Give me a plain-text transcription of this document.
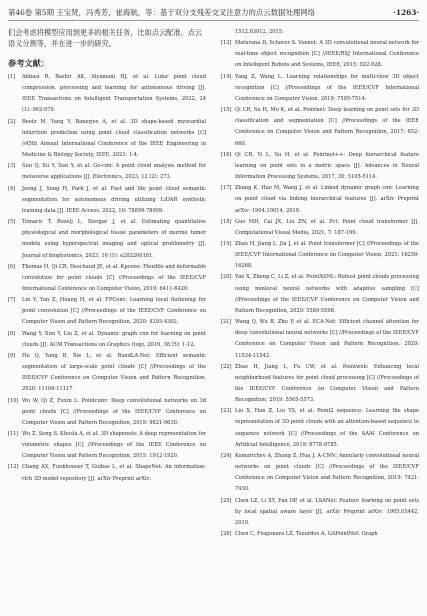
第46卷 第5期 王宝贤，冯秀芳，崔海航，等：基于双分支残差交叉注意力的点云数据处理网络	·1263·

们会考虑将模型应用到更多的相关任务，比如点云配准、点云语义分割等，并在进一步的研究。

参考文献：
[1]	Abbasi R, Bashir AK, Alyamani HJ, et al. Lidar point cloud compression, processing and learning for autonomous driving [J]. IEEE Transactions on Intelligent Transportation Systems, 2022, 24 (1): 962-979.
[2]	Beetz M, Yang Y, Banerjee A, et al. 3D shape-based myocardial infarction prediction using point cloud classification networks [C] //45th Annual International Conference of the IEEE Engineering in Medicine & Biology Society, IEEE, 2023: 1-4.
[3]	Sun Q, Xu Y, Sun Y, et al. Go-cnn: A point cloud analysis method for metaverse applications [J]. Electronics, 2023, 12 (2): 273.
[4]	Jeong J, Song H, Park J, et al. Fast and lite point cloud semantic segmentation for autonomous driving utilizing LiDAR synthetic training data [J]. IEEE Access, 2022, 10: 78899-78909.
[5]	Tomaric T, Rozelj L, Stergar J, et al. Estimating quantitative physiological and morphological tissue parameters of murine tumor models using hyperspectral imaging and optical profilometry [J]. Journal of biophotonics, 2023, 16 (1): e202200181.
[6]	Thomas H, Qi CR, Deschaud JE, et al. Kpconv: Flexible and deformable convolution for point clouds [C] //Proceedings of the IEEE/CVF International Conference on Computer Vision, 2019: 6411-6420.
[7]	Lin Y, Yan Z, Huang H, et al. FPConv: Learning local flattening for point convolution [C] //Proceedings of the IEEE/CVF Conference on Computer Vision and Pattern Recognition, 2020: 4293-4302.
[8]	Wang Y, Sun Y, Liu Z, et al. Dynamic graph cnn for learning on point clouds [J]. ACM Transactions on Graphics (tog), 2019, 38 (5): 1-12.
[9]	Hu Q, Yang B, Xie L, et al. RandLA-Net: Efficient semantic segmentation of large-scale point clouds [C] //Proceedings of the IEEE/CVF Conference on Computer Vision and Pattern Recognition, 2020: 11108-11117.
[10] Wu W, Qi Z, Fuxin L. Pointconv: Deep convolutional networks on 3d point clouds [C] //Proceedings of the IEEE/CVF Conference on Computer Vision and Pattern Recognition, 2019: 9621-9630.
[11] Wu Z, Song S, Khosla A, et al. 3D shapenets: A deep representation for volumetric shapes [C] //Proceedings of the IEEE Conference on Computer Vision and Pattern Recognition, 2015: 1912-1920.
[12] Chang AX, Funkhouser T, Guibas L, et al. ShapeNet: An information-rich 3D model repository [J]. arXiv Preprint arXiv:
1512.03012, 2015.
[13] Maturana D, Scherer S. Voxnet: A 3D convolutional neural network for real-time object recognition [C] //IEEE/RSJ International Conference on Intelligent Robots and Systems, IEEE, 2015: 922-928.
[14] Yang Z, Wang L. Learning relationships for multi-view 3D object recognition [C] //Proceedings of the IEEE/CVF International Conference on Computer Vision, 2019: 7505-7514.
[15] Qi CR, Su H, Mo K, et al. Pointnet: Deep learning on point sets for 3D classification and segmentation [C] //Proceedings of the IEEE Conference on Computer Vision and Pattern Recognition, 2017: 652-660.
[16] Qi CR, Yi L, Su H, et al. Pointnet++: Deep hierarchical feature learning on point sets in a metric space [J]. Advances in Neural Information Processing Systems, 2017, 30: 5105-5114.
[17] Zhang K, Hao M, Wang J, et al. Linked dynamic graph cnn: Learning on point cloud via linking hierarchical features [J]. arXiv Preprint arXiv: 1904.10014, 2019.
[18] Guo MH, Cai JX, Liu ZN, et al. Pct: Point cloud transformer [J]. Computational Visual Media, 2021, 7: 187-199.
[19] Zhao H, Jiang L, Jia J, et al. Point transformer [C] //Proceedings of the IEEE/CVF International Conference on Computer Vision, 2021: 16259-16268.
[20] Yan X, Zheng C, Li Z, et al. PointASNL: Robust point clouds processing using nonlocal neural networks with adaptive sampling [C] //Proceedings of the IEEE/CVF Conference on Computer Vision and Pattern Recognition, 2020: 5589-5598.
[21] Wang Q, Wu B, Zhu P, et al. ECA-Net: Efficient channel attention for deep convolutional neural networks [C] //Proceedings of the IEEE/CVF Conference on Computer Vision and Pattern Recognition, 2020: 11534-11542.
[22] Zhao H, Jiang L, Fu CW, et al. Pointweb: Enhancing local neighborhood features for point cloud processing [C] //Proceedings of the IEEE/CVF Conference on Computer Vision and Pattern Recognition, 2019: 5565-5573.
[23] Liu X, Han Z, Liu YS, et al. Point2 sequence: Learning the shape representation of 3D point clouds with an attention-based sequence to sequence network [C] //Proceedings of the AAAI Conference on Artificial Intelligence, 2019: 8778-8785.
[24] Komarichev A, Zhong Z, Hua J. A-CNN: Annularly convolutional neural networks on point clouds [C] //Proceedings of the IEEE/CVF Conference on Computer Vision and Pattern Recognition, 2019: 7421-7430.
[25] Chen LZ, Li XY, Fan DP, et al. LSANet: Feature learning on point sets by local spatial aware layer [J]. arXiv Preprint arXiv: 1905.05442, 2019.
[26] Chen C, Fragonara LZ, Tsourdos A. GAPointNet: Graph
